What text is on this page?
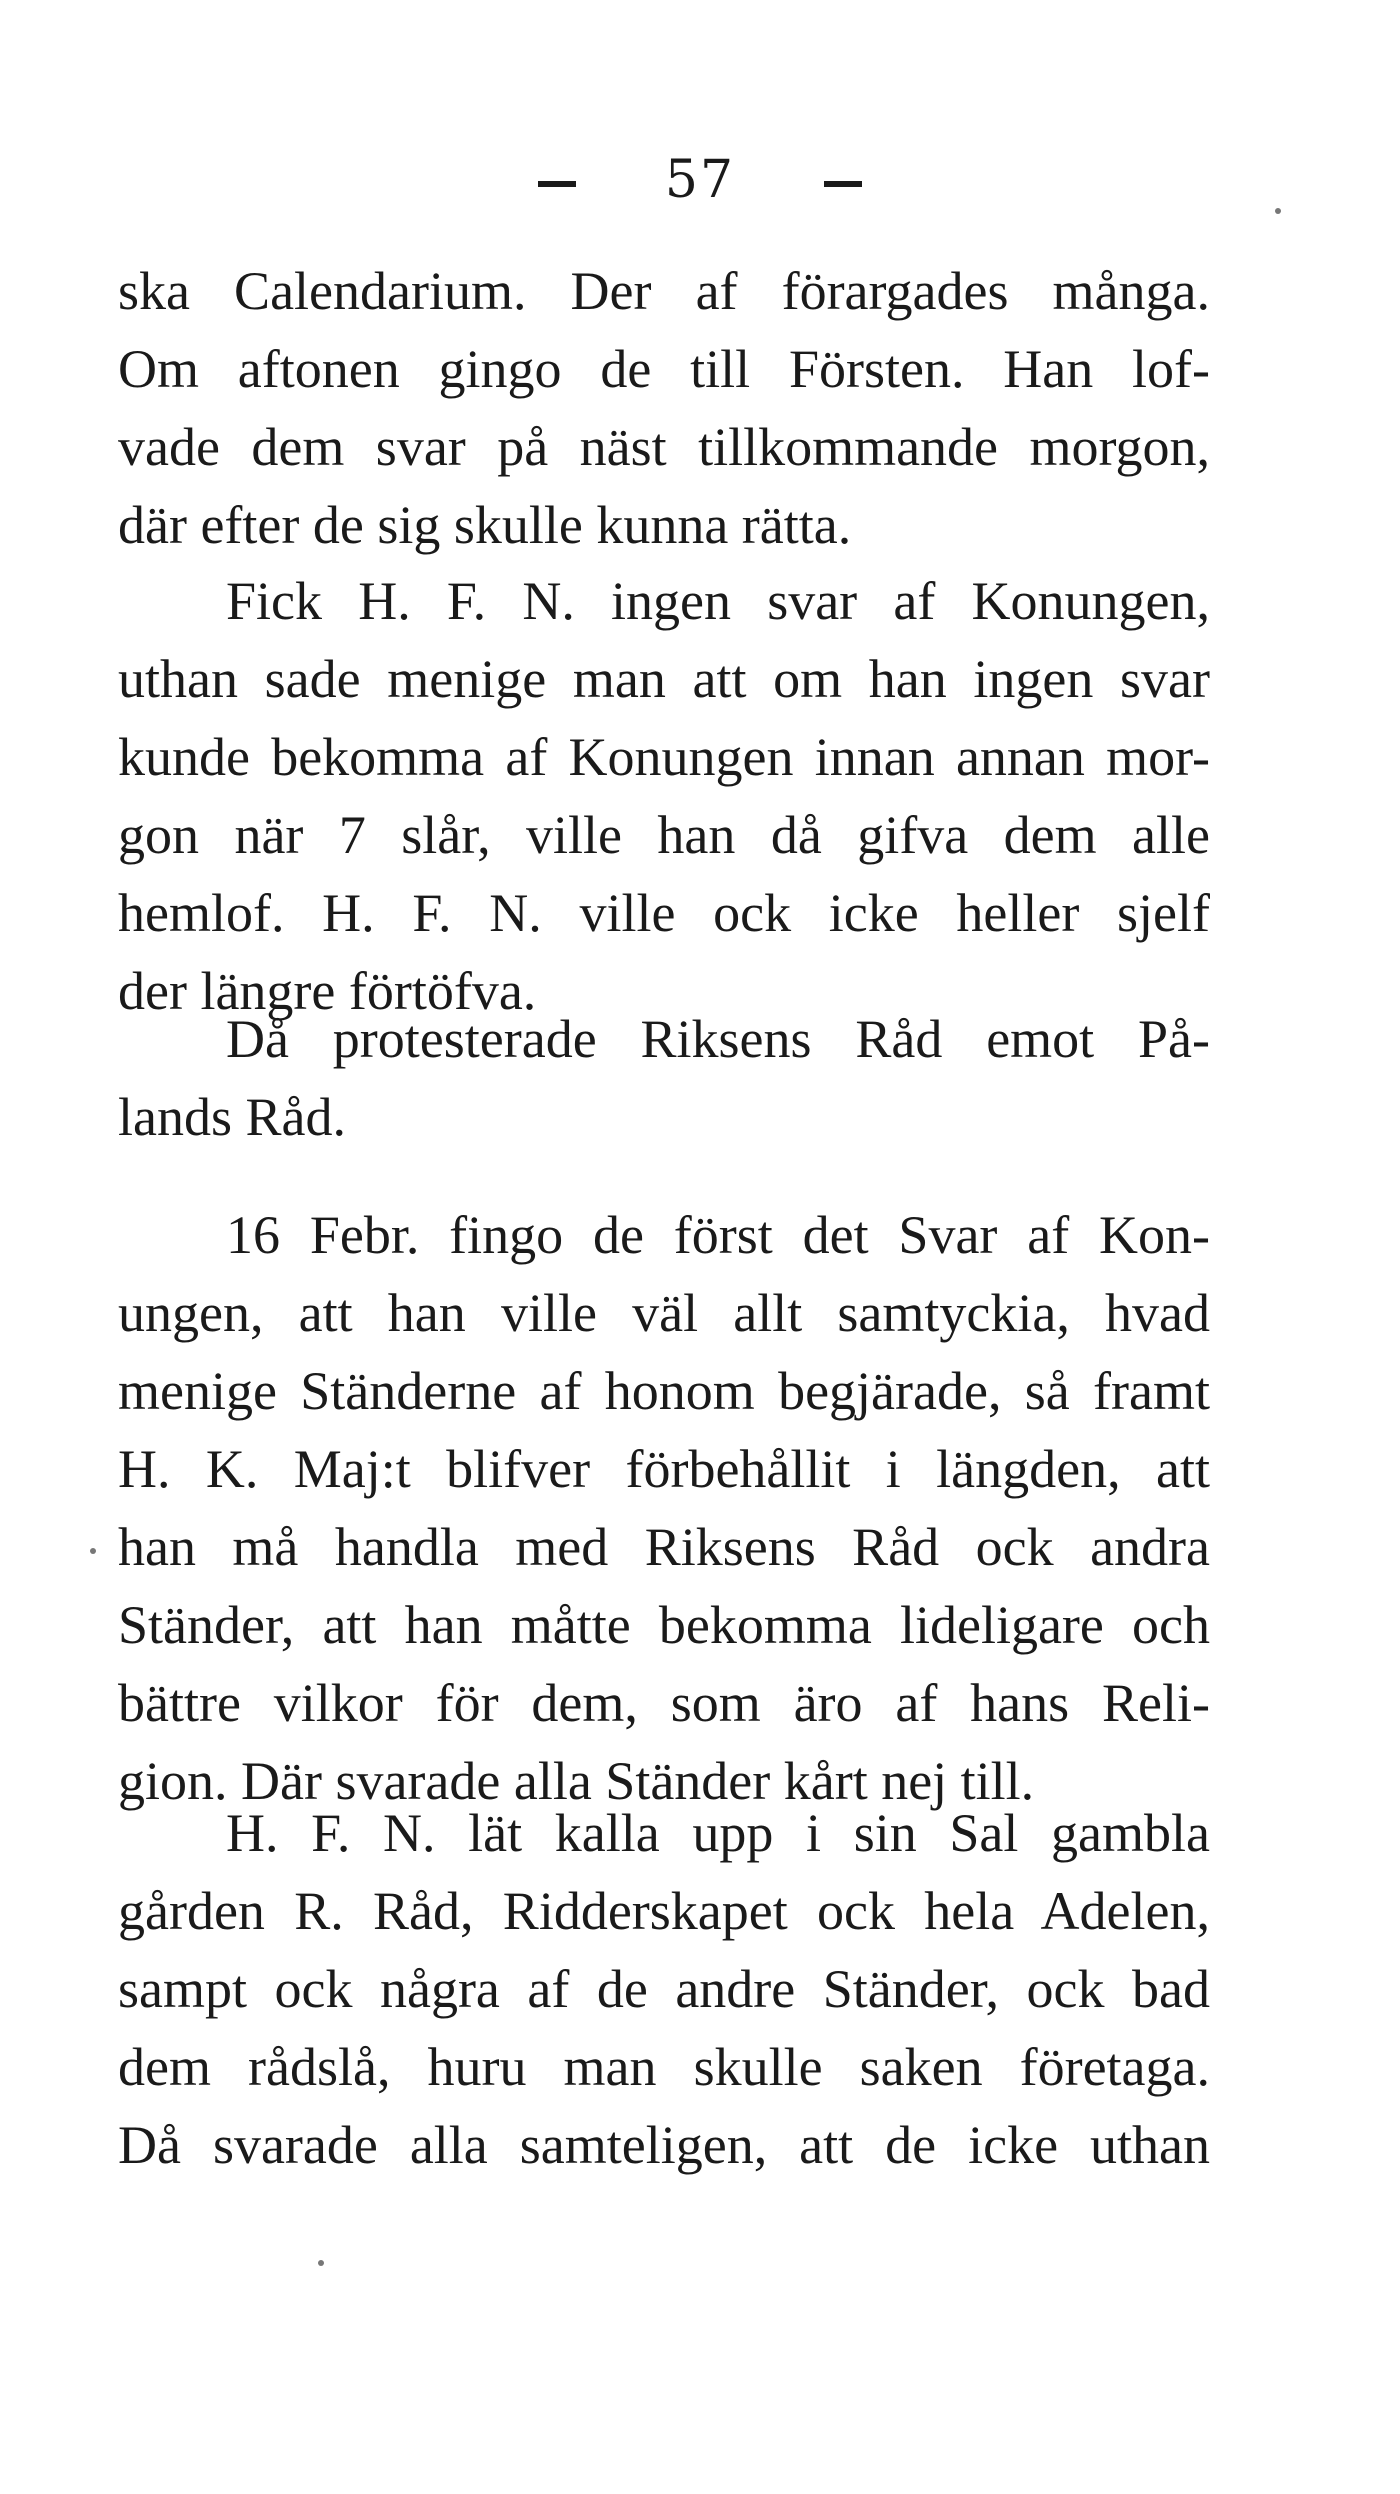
57
ska Calendarium. Der af förargades många.
Om aftonen gingo de till Försten. Han lof-
vade dem svar på näst tillkommande morgon,
där efter de sig skulle kunna rätta.
Fick H. F. N. ingen svar af Konungen,
uthan sade menige man att om han ingen svar
kunde bekomma af Konungen innan annan mor-
gon när 7 slår, ville han då gifva dem alle
hemlof. H. F. N. ville ock icke heller sjelf
der längre förtöfva.
Då protesterade Riksens Råd emot På-
lands Råd.
16 Febr. fingo de först det Svar af Kon-
ungen, att han ville väl allt samtyckia, hvad
menige Ständerne af honom begjärade, så framt
H. K. Maj:t blifver förbehållit i längden, att
han må handla med Riksens Råd ock andra
Ständer, att han måtte bekomma lideligare och
bättre vilkor för dem, som äro af hans Reli-
gion. Där svarade alla Ständer kårt nej till.
H. F. N. lät kalla upp i sin Sal gambla
gården R. Råd, Ridderskapet ock hela Adelen,
sampt ock några af de andre Ständer, ock bad
dem rådslå, huru man skulle saken företaga.
Då svarade alla samteligen, att de icke uthan
